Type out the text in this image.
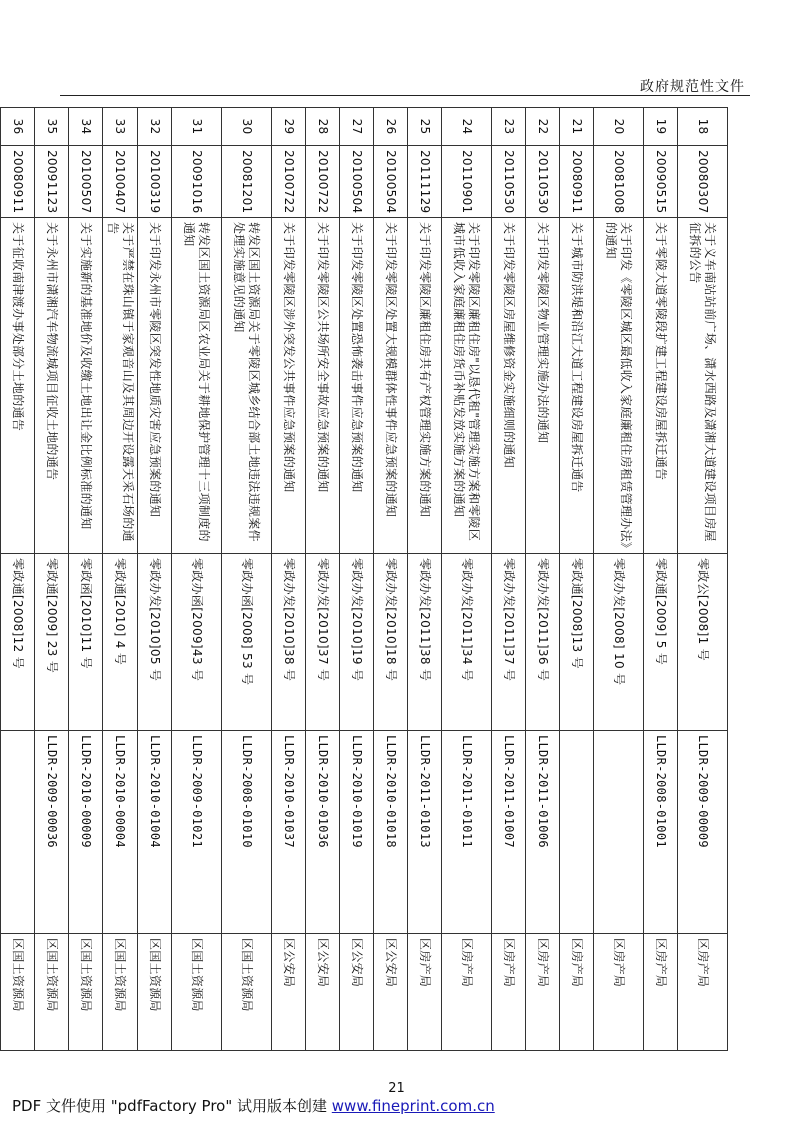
政府规范性文件
18	20080307	关于义车南站站前广场、潇水西路及潇湘大道建设项目房屋征拆的公告	零政公[2008]1 号	LLDR-2009-00009	区房产局
19	20090515	关于零陵大道零陵段扩建工程建设房屋拆迁通告	零政通[2009] 5 号	LLDR-2008-01001	区房产局
20	20081008	关于印发《零陵区城区最低收入家庭廉租住房租赁管理办法》的通知	零政办发[2008] 10 号		区房产局
21	20080911	关于城市防洪堤和沿江大道工程建设房屋拆迁通告	零政通[2008]13 号		区房产局
22	20110530	关于印发零陵区物业管理实施办法的通知	零政办发[2011]36 号	LLDR-2011-01006	区房产局
23	20110530	关于印发零陵区房屋维修资金实施细则的通知	零政办发[2011]37 号	LLDR-2011-01007	区房产局
24	20110901	关于印发零陵区廉租住房"以恳代租"管理实施方案和零陵区城市低收入家庭廉租住房货币补贴发放实施方案的通知	零政办发[2011]34 号	LLDR-2011-01011	区房产局
25	20111129	关于印发零陵区廉租住房共有产权管理实施方案的通知	零政办发[2011]38 号	LLDR-2011-01013	区房产局
26	20100504	关于印发零陵区处置大规模群体性事件应急预案的通知	零政办发[2010]18 号	LLDR-2010-01018	区公安局
27	20100504	关于印发零陵区处置恐怖袭击事件应急预案的通知	零政办发[2010]19 号	LLDR-2010-01019	区公安局
28	20100722	关于印发零陵区公共场所安全事故应急预案的通知	零政办发[2010]37 号	LLDR-2010-01036	区公安局
29	20100722	关于印发零陵区涉外突发公共事件应急预案的通知	零政办发[2010]38 号	LLDR-2010-01037	区公安局
30	20081201	转发区国土资源局关于零陵区城乡结合部土地违法违规案件处理实施意见的通知	零政办函[2008] 53 号	LLDR-2008-01010	区国土资源局
31	20091016	转发区国土资源局区农业局关于耕地保护管理十三项制度的通知	零政办函[2009]43 号	LLDR-2009-01021	区国土资源局
32	20100319	关于印发永州市零陵区突发性地质灾害应急预案的通知	零政办发[2010]05 号	LLDR-2010-01004	区国土资源局
33	20100407	关于严禁在珠山镇于家观音山及其周边开设露天采石场的通告	零政通[2010] 4 号	LLDR-2010-00004	区国土资源局
34	20100507	关于实施新的基准地价及收缴土地出让金比例标准的通知	零政函[2010]11 号	LLDR-2010-00009	区国土资源局
35	20091123	关于永州市潇湘汽车物流城项目征收土地的通告	零政通[2009] 23 号	LLDR-2009-00036	区国土资源局
36	20080911	关于征收南津渡办事处部分土地的通告	零政通[2008]12 号		区国土资源局
21
PDF 文件使用 "pdfFactory Pro" 试用版本创建 www.fineprint.com.cn
